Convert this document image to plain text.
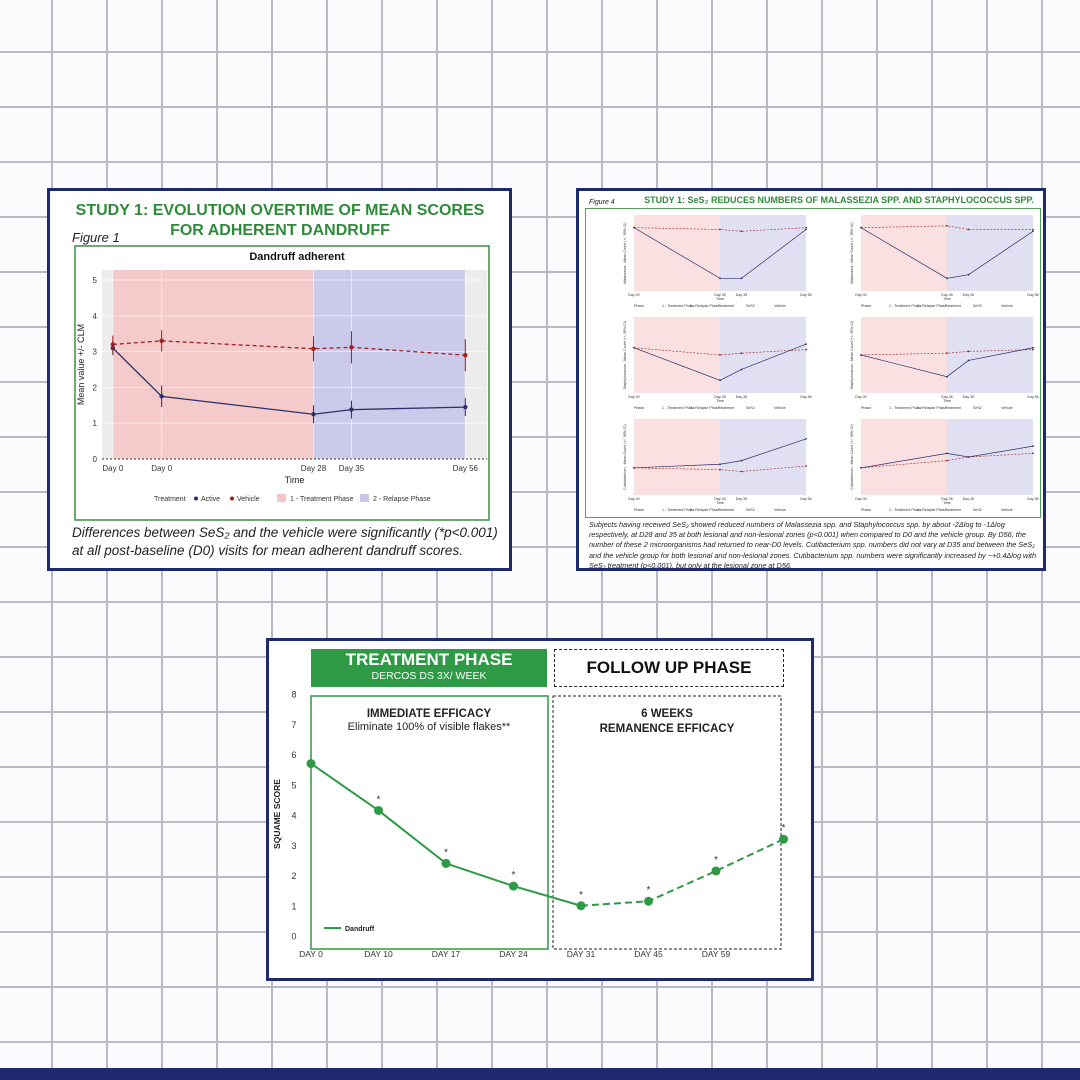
STUDY 1: EVOLUTION OVERTIME OF MEAN SCORES FOR ADHERENT DANDRUFF
Figure 1
Dandruff adherent
0
1
2
3
4
5
Day 0	Day 0	Day 28 Day 35	Day 56
Time
Mean value +/- CLM
Treatment Active Vehicle	1 - Treatment Phase	2 - Relapse Phase
Differences between SeS₂ and the vehicle were significantly (*p<0.001) at all post-baseline (D0) visits for mean adherent dandruff scores.
Figure 4	STUDY 1: SeS₂ REDUCES NUMBERS OF MALASSEZIA SPP. AND STAPHYLOCOCCUS SPP.
Malassezia - Mean Count (+/- 95% CI)
Day 00	Day 28	Day 35	Day 56
Time
Phase	1 - Treatment Phase
2 - Relapse Phase
Treatment	SeS2	Vehicle
Malassezia - Mean Count (+/- 95% CI)
Day 00	Day 28	Day 35	Day 56
Time
Phase	1 - Treatment Phase
2 - Relapse Phase
Treatment	SeS2	Vehicle
Staphylococcus - Mean Count (+/- 95% CI)
Day 00	Day 28	Day 35	Day 56
Time
Phase	1 - Treatment Phase
2 - Relapse Phase
Treatment	SeS2	Vehicle
Staphylococcus - Mean Count (+/- 95% CI)
Day 00	Day 28	Day 35	Day 56
Time
Phase	1 - Treatment Phase
2 - Relapse Phase
Treatment	SeS2	Vehicle
Cutibacterium - Mean Count (+/- 95% CI)
Day 00	Day 28	Day 35	Day 56
Time
Phase	1 - Treatment Phase
2 - Relapse Phase
Treatment	SeS2	Vehicle
Cutibacterium - Mean Count (+/- 95% CI)
Day 00	Day 28	Day 35	Day 56
Time
Phase	1 - Treatment Phase
2 - Relapse Phase
Treatment	SeS2	Vehicle
Subjects having received SeS₂ showed reduced numbers of Malassezia spp. and Staphylococcus spp. by about -2Δlog to -1Δlog respectively, at D28 and 35 at both lesional and non-lesional zones (p<0.001) when compared to D0 and the vehicle group. By D56, the number of these 2 microorganisms had returned to near-D0 levels. Cutibacterium spp. numbers did not vary at D35 and between the SeS₂ and the vehicle group for both lesional and non-lesional zones. Cutibacterium spp. numbers were significantly increased by ~+0.4Δlog with SeS₂ treatment (p<0.001), but only at the lesional zone at D56.
TREATMENT PHASE
DERCOS DS 3X/ WEEK	FOLLOW UP PHASE
IMMEDIATE EFFICACY
Eliminate 100% of visible flakes**
6 WEEKS
REMANENCE EFFICACY
0
1
2
3
4
5
6
7
8
SQUAME SCORE
DAY 0	DAY 10	DAY 17	DAY 24	DAY 31	DAY 45	DAY 59
*
*
*
*	*
*
*
Dandruff
